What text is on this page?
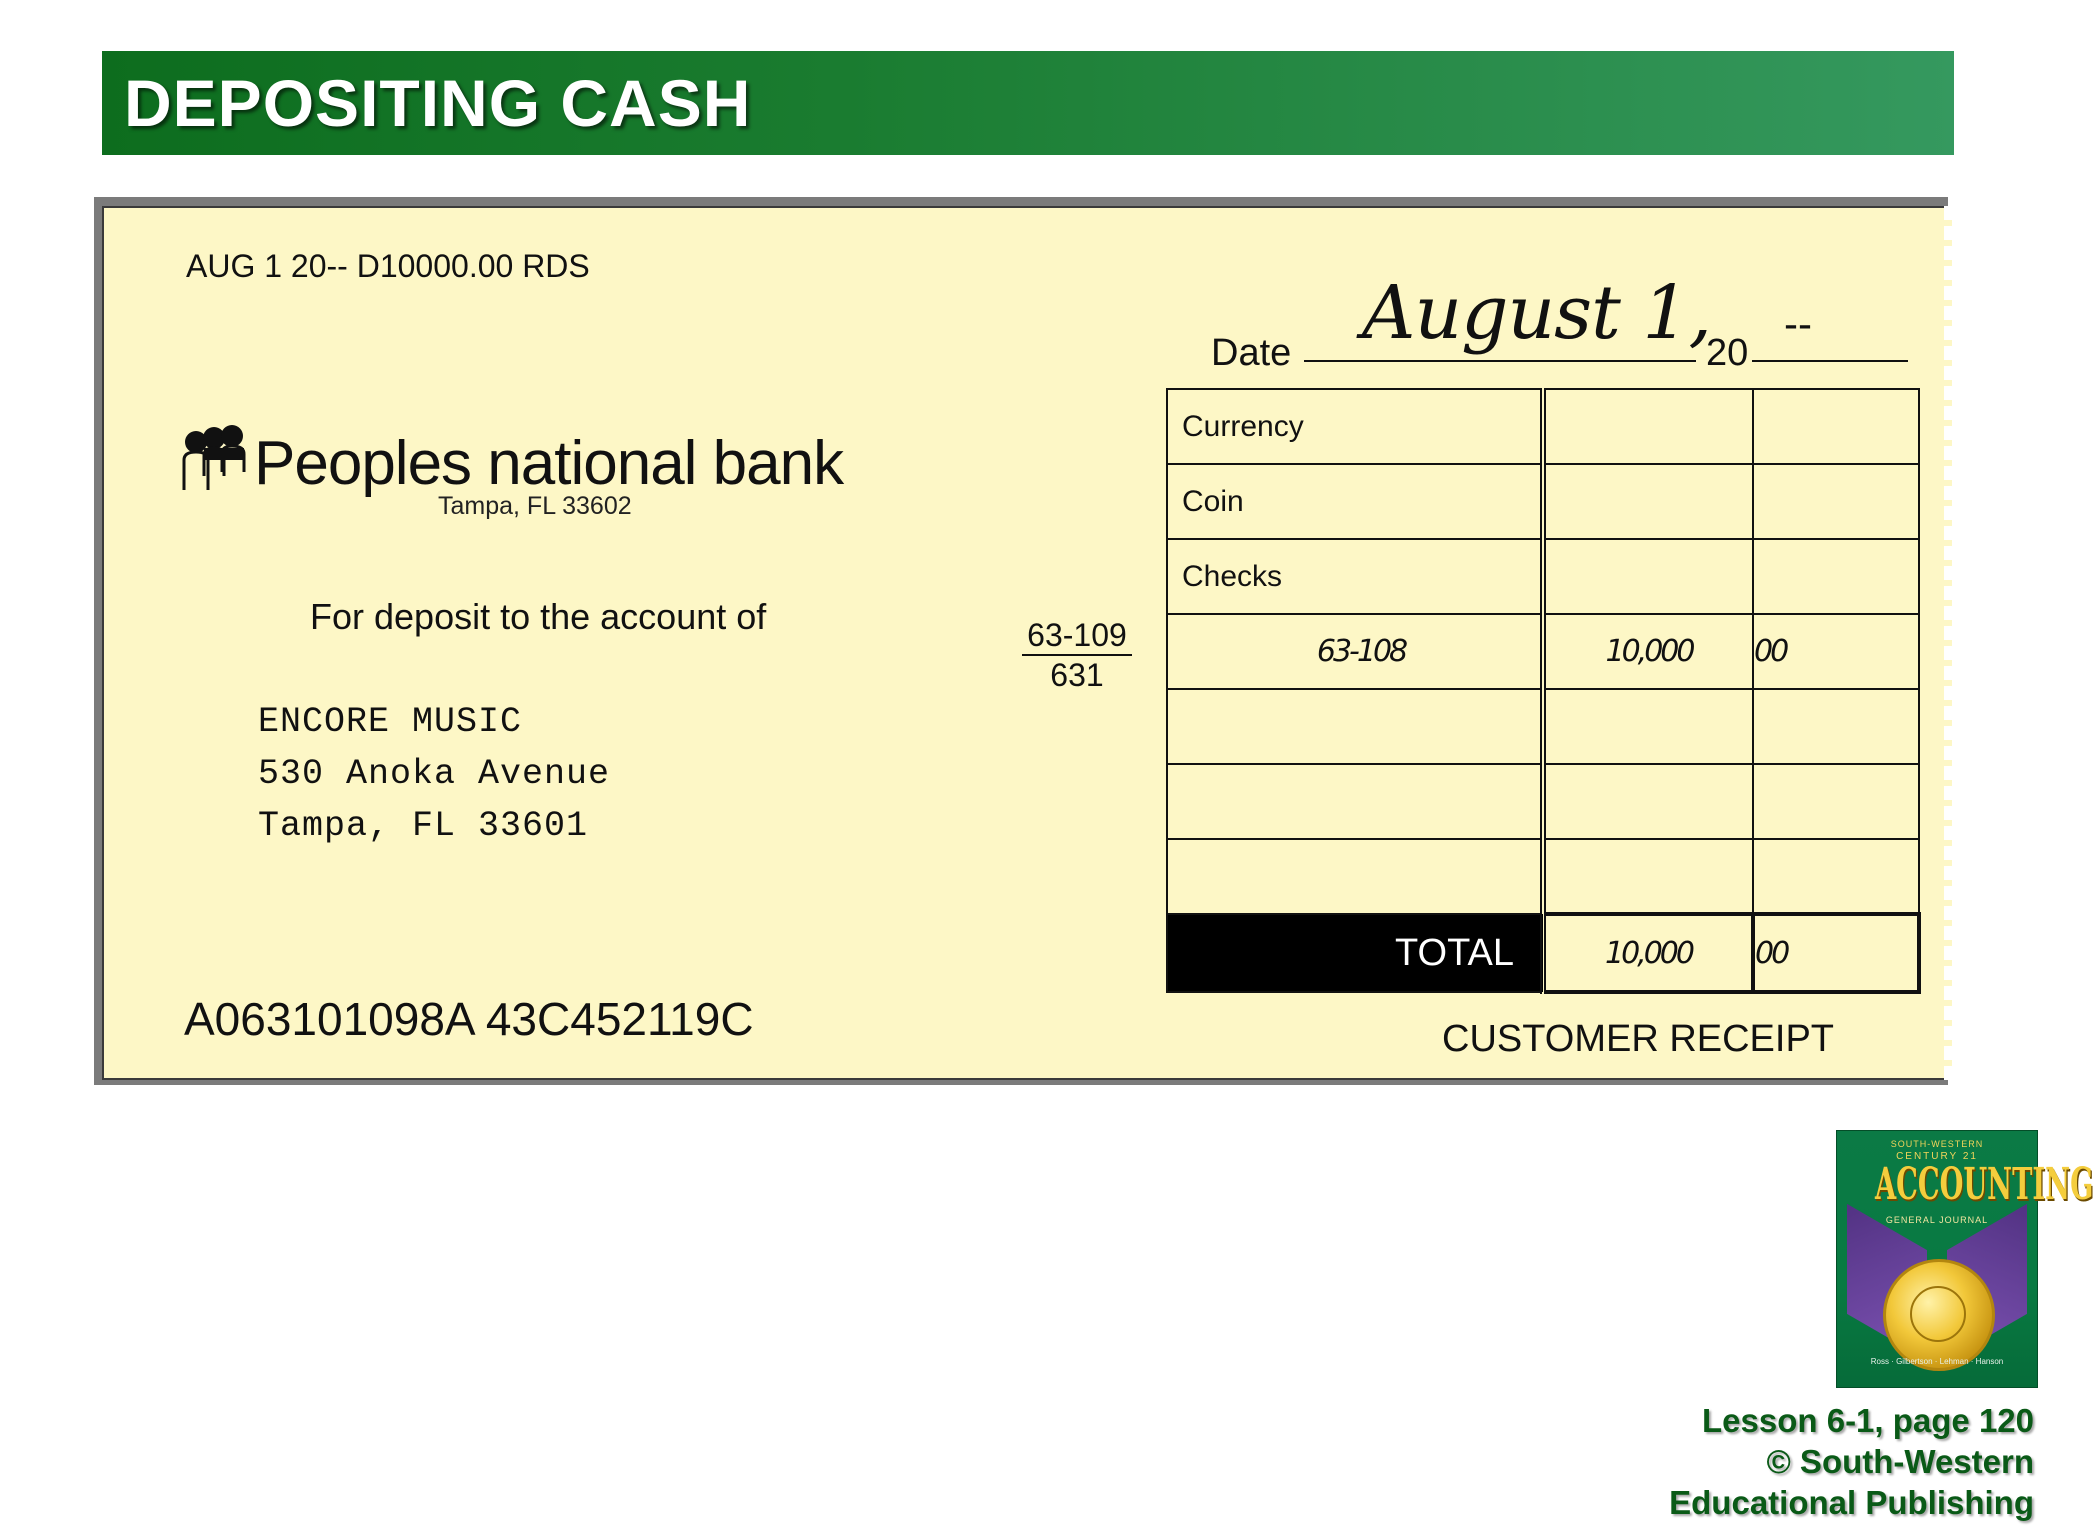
DEPOSITING CASH
AUG 1 20-- D10000.00 RDS
Peoples national bank
Tampa, FL 33602
For deposit to the account of
ENCORE MUSIC
530 Anoka Avenue
Tampa, FL 33601
A063101098A 43C452119C
63-109
631
Date August 1,
20
--
Currency		
Coin		
Checks		
63-108	10,000	00

TOTAL	10,000	00
CUSTOMER RECEIPT
SOUTH-WESTERN
CENTURY 21
ACCOUNTING
GENERAL JOURNAL
Ross · Gilbertson · Lehman · Hanson
Lesson 6-1, page 120
© South-Western
Educational Publishing
